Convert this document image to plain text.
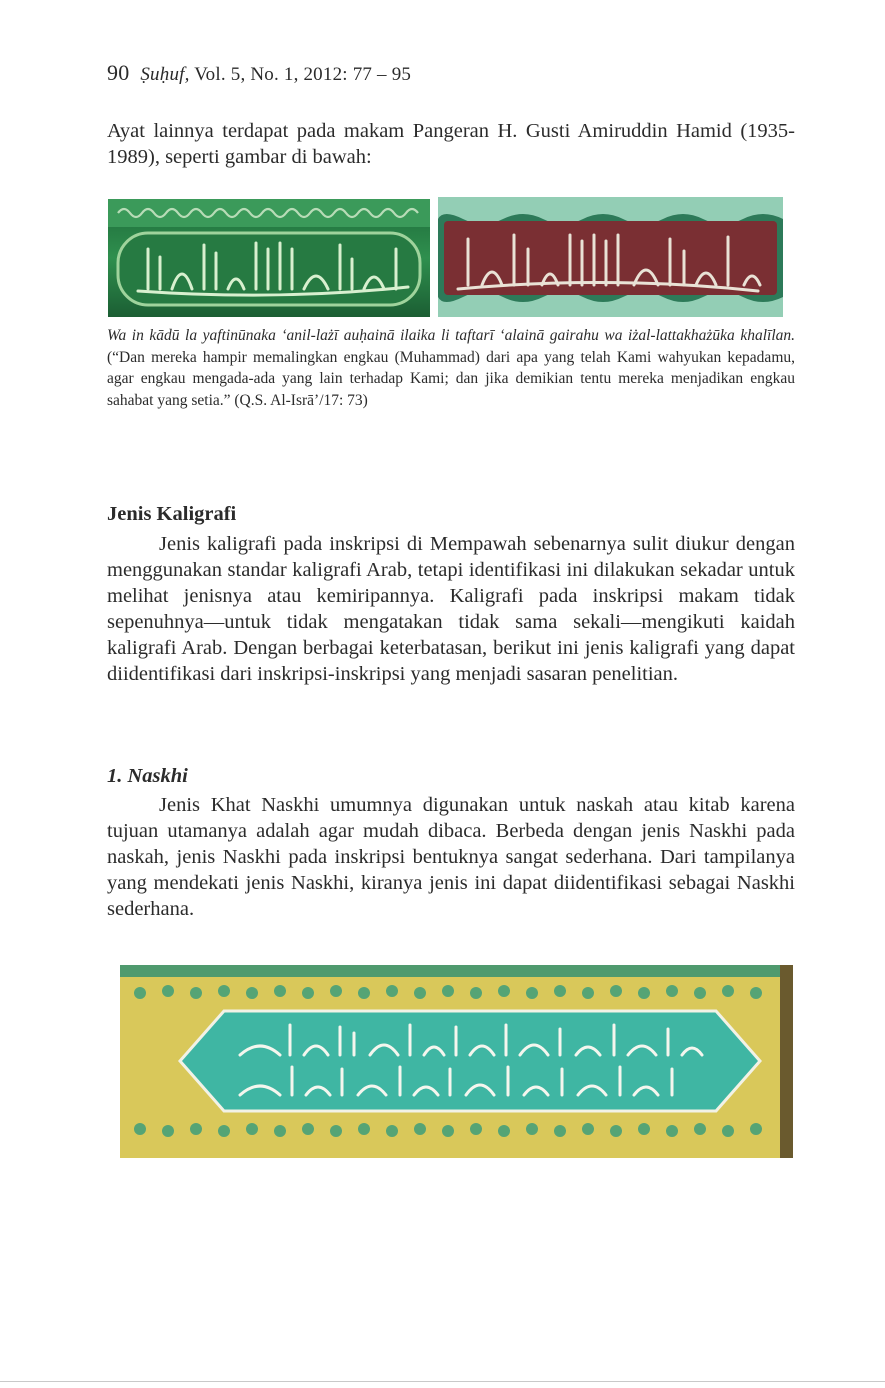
90 Ṣuḥuf, Vol. 5, No. 1, 2012: 77 – 95

Ayat lainnya terdapat pada makam Pangeran H. Gusti Amiruddin Hamid (1935-1989), seperti gambar di bawah:

Wa in kādū la yaftinūnaka ‘anil-lażī auḥainā ilaika li taftarī ‘alainā gairahu wa iżal-lattakhażūka khalīlan. (“Dan mereka hampir memalingkan engkau (Muhammad) dari apa yang telah Kami wahyukan kepadamu, agar engkau mengada-ada yang lain terhadap Kami; dan jika demikian tentu mereka menjadikan engkau sahabat yang setia.” (Q.S. Al-Isrā’/17: 73)

Jenis Kaligrafi

Jenis kaligrafi pada inskripsi di Mempawah sebenarnya sulit diukur dengan menggunakan standar kaligrafi Arab, tetapi identifikasi ini dilakukan sekadar untuk melihat jenisnya atau kemiripannya. Kaligrafi pada inskripsi makam tidak sepenuhnya—untuk tidak mengatakan tidak sama sekali—mengikuti kaidah kaligrafi Arab. Dengan berbagai keterbatasan, berikut ini jenis kaligrafi yang dapat diidentifikasi dari inskripsi-inskripsi yang menjadi sasaran penelitian.

1. Naskhi

Jenis Khat Naskhi umumnya digunakan untuk naskah atau kitab karena tujuan utamanya adalah agar mudah dibaca. Berbeda dengan jenis Naskhi pada naskah, jenis Naskhi pada inskripsi bentuknya sangat sederhana. Dari tampilanya yang mendekati jenis Naskhi, kiranya jenis ini dapat diidentifikasi sebagai Naskhi sederhana.
